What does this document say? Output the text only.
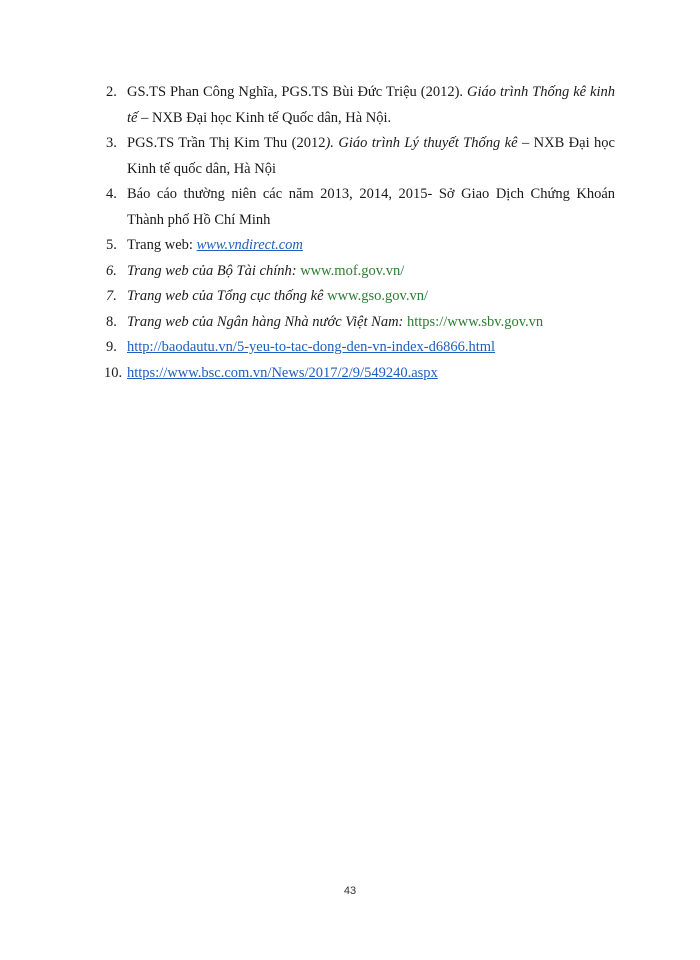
2. GS.TS Phan Công Nghĩa, PGS.TS Bùi Đức Triệu (2012). Giáo trình Thống kê kinh tế – NXB Đại học Kinh tế Quốc dân, Hà Nội.
3. PGS.TS Trần Thị Kim Thu (2012). Giáo trình Lý thuyết Thống kê – NXB Đại học Kinh tế quốc dân, Hà Nội
4. Báo cáo thường niên các năm 2013, 2014, 2015- Sở Giao Dịch Chứng Khoán Thành phố Hồ Chí Minh
5. Trang web: www.vndirect.com
6. Trang web của Bộ Tài chính: www.mof.gov.vn/
7. Trang web của Tổng cục thống kê www.gso.gov.vn/
8. Trang web của Ngân hàng Nhà nước Việt Nam: https://www.sbv.gov.vn
9. http://baodautu.vn/5-yeu-to-tac-dong-den-vn-index-d6866.html
10. https://www.bsc.com.vn/News/2017/2/9/549240.aspx
43
